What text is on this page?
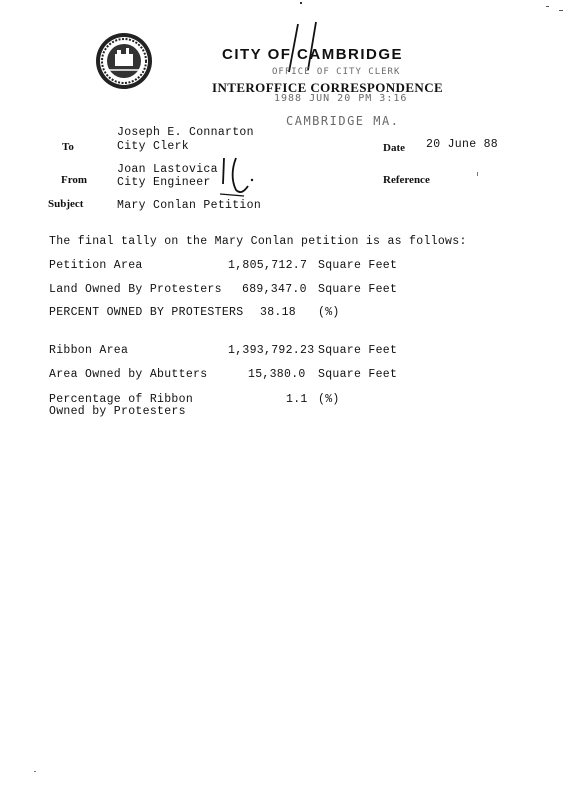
CITY OF CAMBRIDGE
INTEROFFICE CORRESPONDENCE
OFFICE OF CITY CLERK
1988 JUN 20 PM 3:16
CAMBRIDGE MA.
Joseph E. Connarton
To	City Clerk	Date 20 June 88
Joan Lastovica
From	City Engineer	Reference
Subject	Mary Conlan Petition
The final tally on the Mary Conlan petition is as follows:
Petition Area	1,805,712.7 Square Feet
Land Owned By Protesters 689,347.0 Square Feet
PERCENT OWNED BY PROTESTERS 38.18 (%)
Ribbon Area	1,393,792.23 Square Feet
Area Owned by Abutters	15,380.0 Square Feet
Percentage of Ribbon
Owned by Protesters
1.1 (%)
